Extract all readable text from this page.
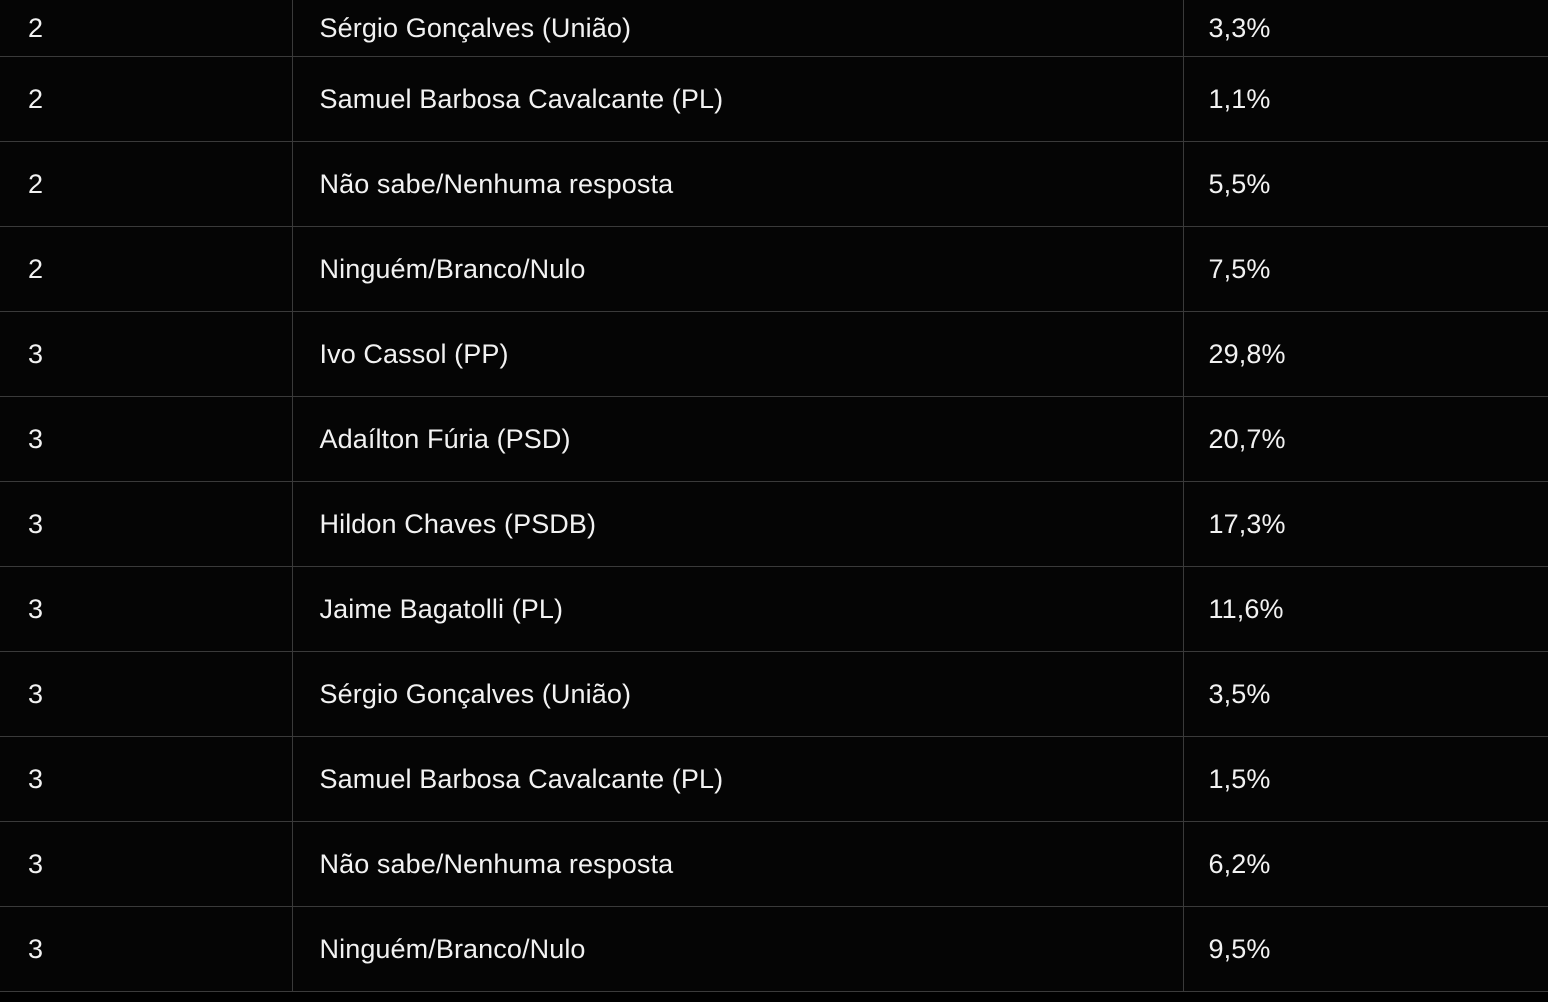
2	Sérgio Gonçalves (União)	3,3%
2	Samuel Barbosa Cavalcante (PL)	1,1%
2	Não sabe/Nenhuma resposta	5,5%
2	Ninguém/Branco/Nulo	7,5%
3	Ivo Cassol (PP)	29,8%
3	Adaílton Fúria (PSD)	20,7%
3	Hildon Chaves (PSDB)	17,3%
3	Jaime Bagatolli (PL)	11,6%
3	Sérgio Gonçalves (União)	3,5%
3	Samuel Barbosa Cavalcante (PL)	1,5%
3	Não sabe/Nenhuma resposta	6,2%
3	Ninguém/Branco/Nulo	9,5%
